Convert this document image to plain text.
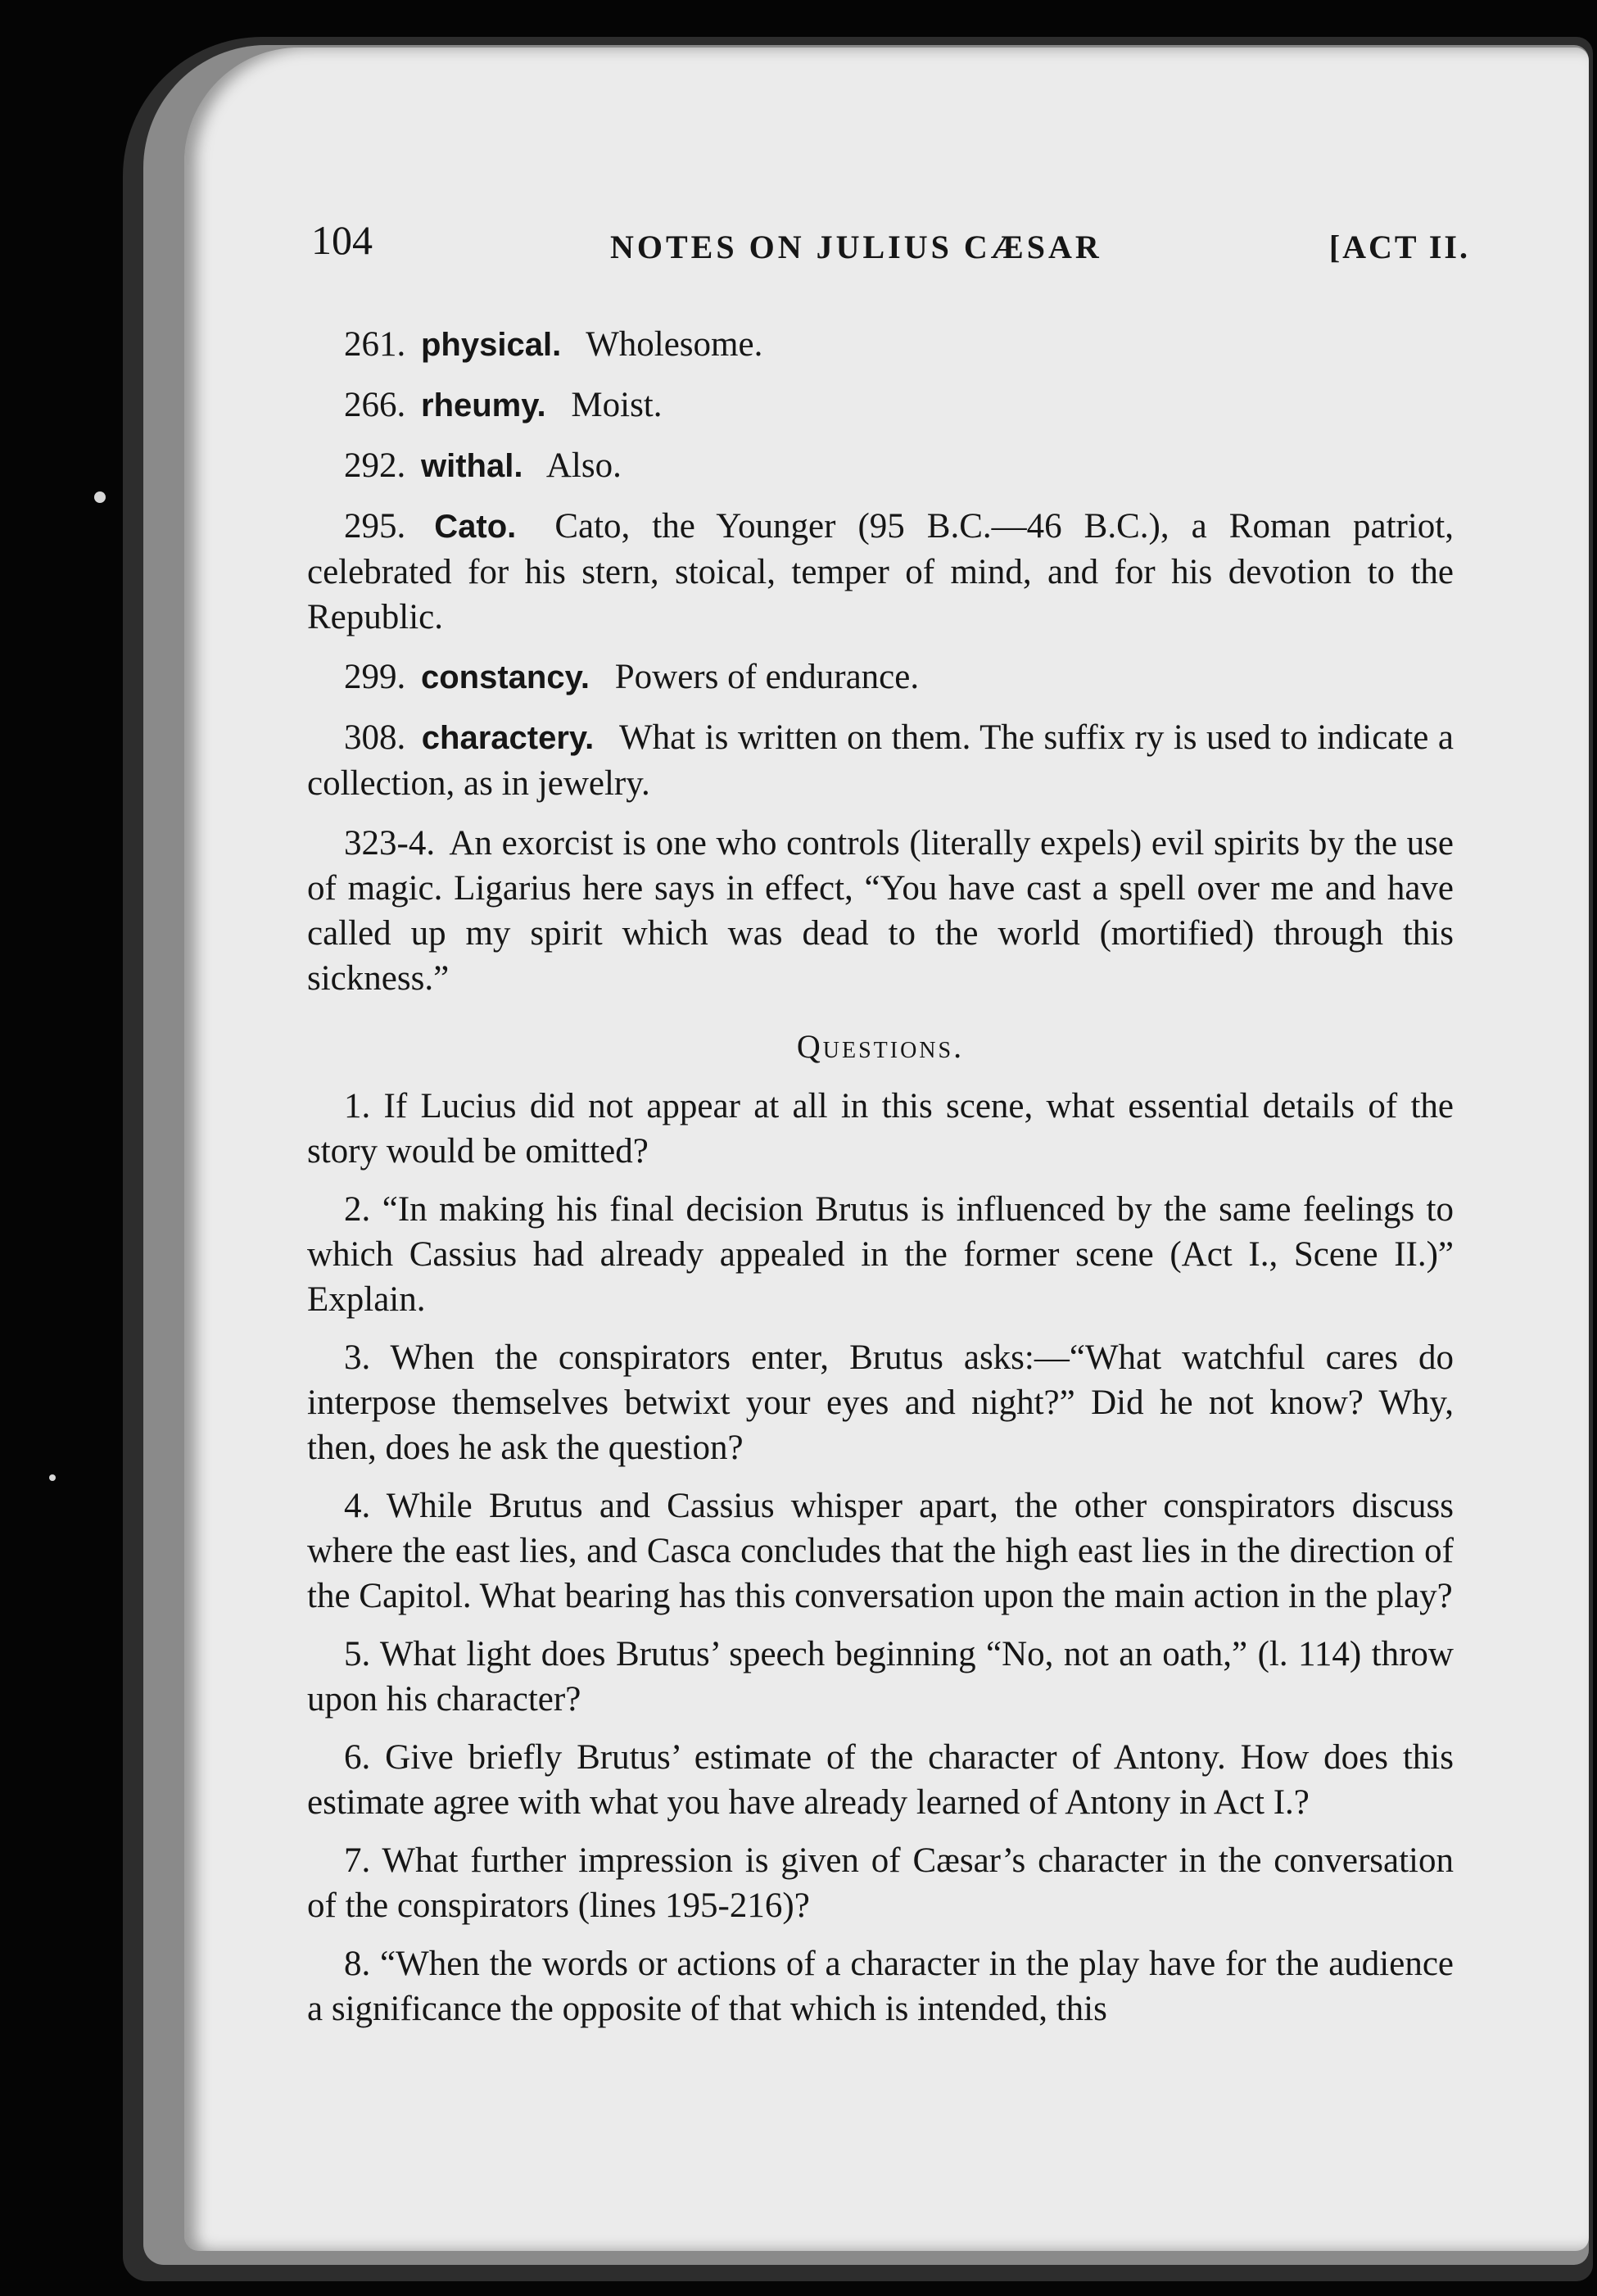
104	NOTES ON JULIUS CÆSAR	[ACT II.

261. physical. Wholesome.

266. rheumy. Moist.

292. withal. Also.

295. Cato. Cato, the Younger (95 B.C.—46 B.C.), a Roman patriot, celebrated for his stern, stoical, temper of mind, and for his devotion to the Republic.

299. constancy. Powers of endurance.

308. charactery. What is written on them. The suffix ry is used to indicate a collection, as in jewelry.

323-4. An exorcist is one who controls (literally expels) evil spirits by the use of magic. Ligarius here says in effect, “You have cast a spell over me and have called up my spirit which was dead to the world (mortified) through this sickness.”

Questions.

1. If Lucius did not appear at all in this scene, what essential details of the story would be omitted?

2. “In making his final decision Brutus is influenced by the same feelings to which Cassius had already appealed in the former scene (Act I., Scene II.)” Explain.

3. When the conspirators enter, Brutus asks:—“What watchful cares do interpose themselves betwixt your eyes and night?” Did he not know? Why, then, does he ask the question?

4. While Brutus and Cassius whisper apart, the other conspirators discuss where the east lies, and Casca concludes that the high east lies in the direction of the Capitol. What bearing has this conversation upon the main action in the play?

5. What light does Brutus’ speech beginning “No, not an oath,” (l. 114) throw upon his character?

6. Give briefly Brutus’ estimate of the character of Antony. How does this estimate agree with what you have already learned of Antony in Act I.?

7. What further impression is given of Cæsar’s character in the conversation of the conspirators (lines 195-216)?

8. “When the words or actions of a character in the play have for the audience a significance the opposite of that which is intended, this
